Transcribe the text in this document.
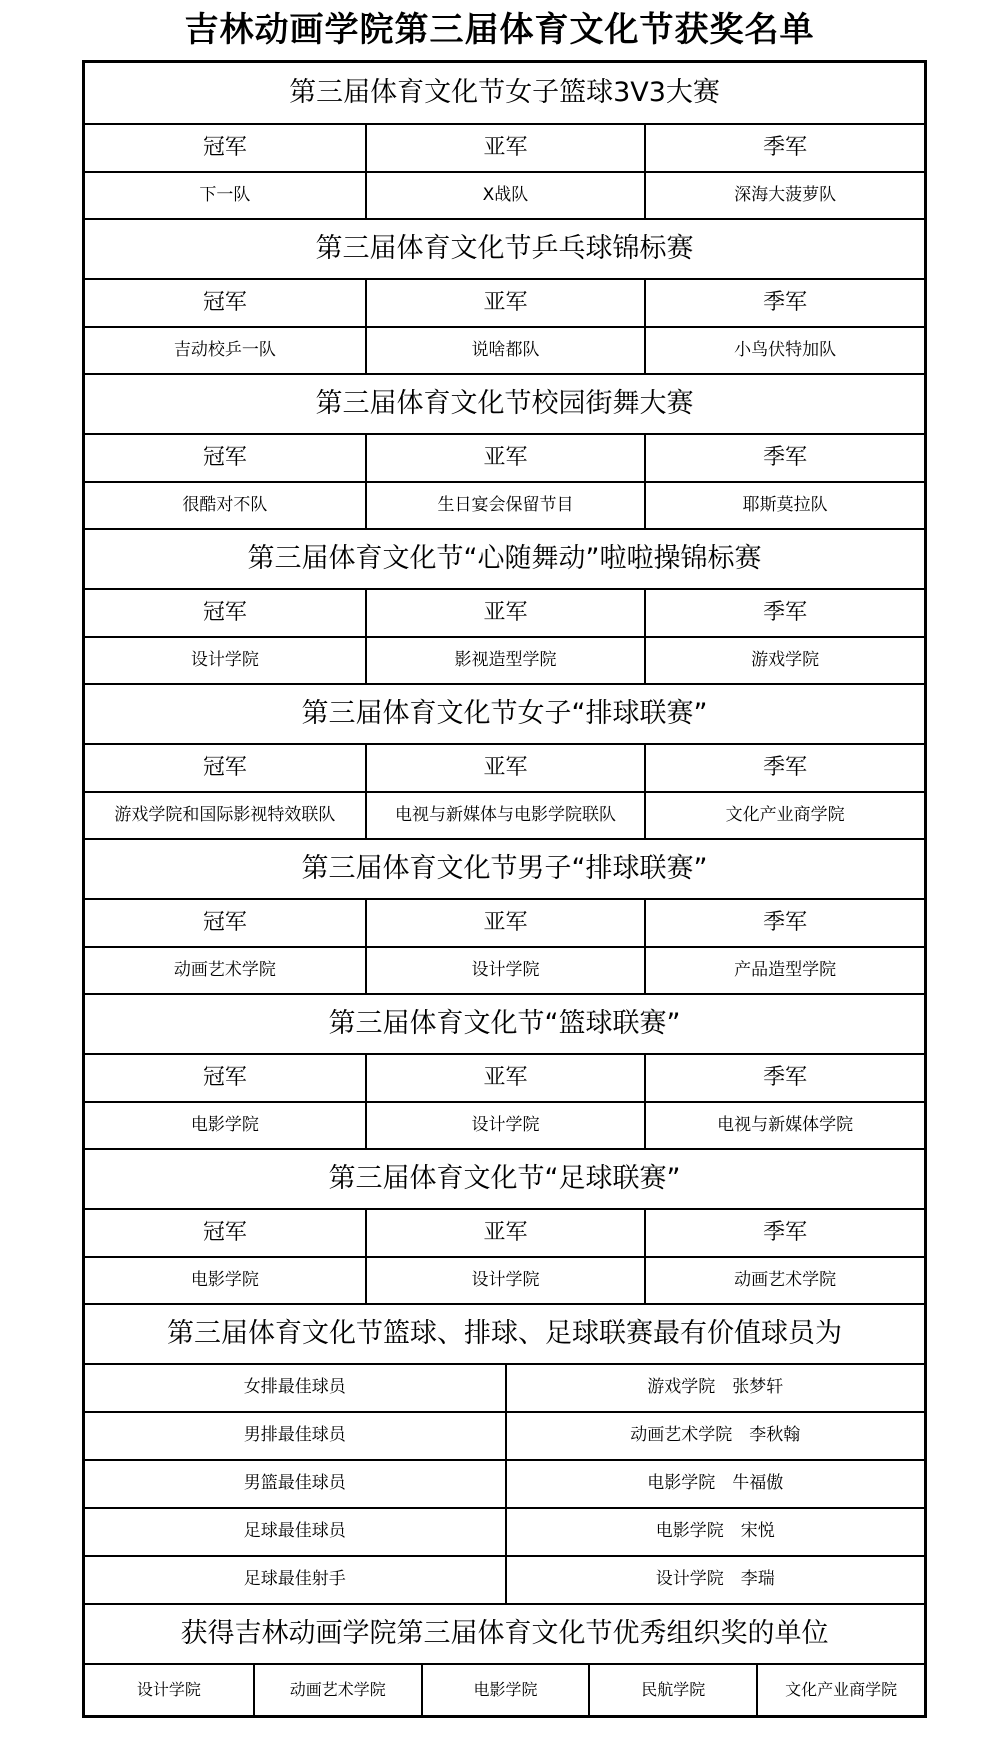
吉林动画学院第三届体育文化节获奖名单
第三届体育文化节女子篮球3V3大赛
冠军	亚军	季军
下一队	X战队	深海大菠萝队
第三届体育文化节乒乓球锦标赛
冠军	亚军	季军
吉动校乒一队	说啥都队	小鸟伏特加队
第三届体育文化节校园街舞大赛
冠军	亚军	季军
很酷对不队	生日宴会保留节目	耶斯莫拉队
第三届体育文化节“心随舞动”啦啦操锦标赛
冠军	亚军	季军
设计学院	影视造型学院	游戏学院
第三届体育文化节女子“排球联赛”
冠军	亚军	季军
游戏学院和国际影视特效联队	电视与新媒体与电影学院联队	文化产业商学院
第三届体育文化节男子“排球联赛”
冠军	亚军	季军
动画艺术学院	设计学院	产品造型学院
第三届体育文化节“篮球联赛”
冠军	亚军	季军
电影学院	设计学院	电视与新媒体学院
第三届体育文化节“足球联赛”
冠军	亚军	季军
电影学院	设计学院	动画艺术学院
第三届体育文化节篮球、排球、足球联赛最有价值球员为
女排最佳球员	游戏学院　张梦轩
男排最佳球员	动画艺术学院　李秋翰
男篮最佳球员	电影学院　牛福傲
足球最佳球员	电影学院　宋悦
足球最佳射手	设计学院　李瑞
获得吉林动画学院第三届体育文化节优秀组织奖的单位
设计学院	动画艺术学院	电影学院	民航学院	文化产业商学院
